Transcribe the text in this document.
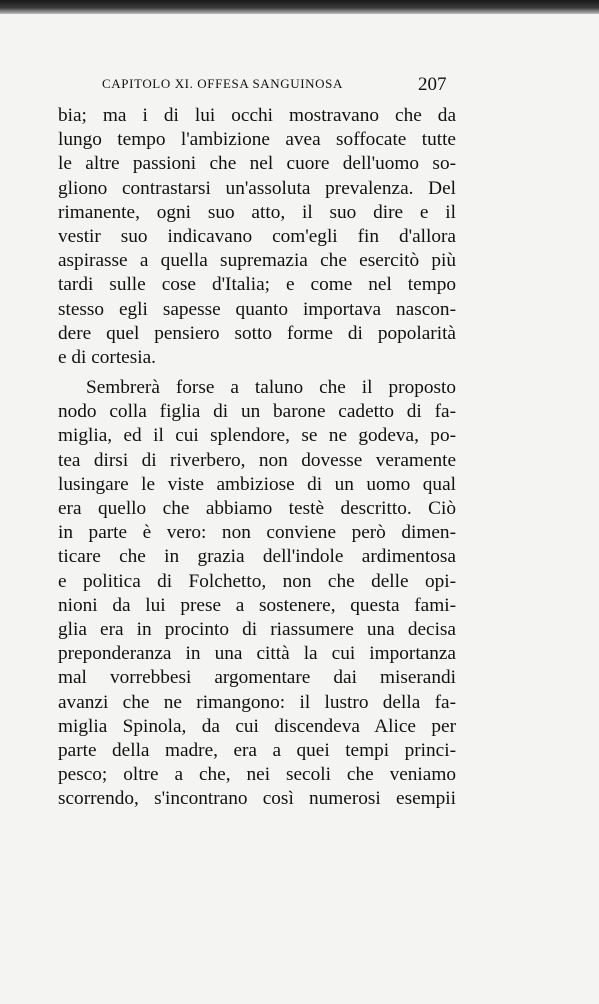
CAPITOLO XI. OFFESA SANGUINOSA	207
bia; ma i di lui occhi mostravano che da
lungo tempo l'ambizione avea soffocate tutte
le altre passioni che nel cuore dell'uomo so-
gliono contrastarsi un'assoluta prevalenza. Del
rimanente, ogni suo atto, il suo dire e il
vestir suo indicavano com'egli fin d'allora
aspirasse a quella supremazia che esercitò più
tardi sulle cose d'Italia; e come nel tempo
stesso egli sapesse quanto importava nascon-
dere quel pensiero sotto forme di popolarità
e di cortesia.
Sembrerà forse a taluno che il proposto
nodo colla figlia di un barone cadetto di fa-
miglia, ed il cui splendore, se ne godeva, po-
tea dirsi di riverbero, non dovesse veramente
lusingare le viste ambiziose di un uomo qual
era quello che abbiamo testè descritto. Ciò
in parte è vero: non conviene però dimen-
ticare che in grazia dell'indole ardimentosa
e politica di Folchetto, non che delle opi-
nioni da lui prese a sostenere, questa fami-
glia era in procinto di riassumere una decisa
preponderanza in una città la cui importanza
mal vorrebbesi argomentare dai miserandi
avanzi che ne rimangono: il lustro della fa-
miglia Spinola, da cui discendeva Alice per
parte della madre, era a quei tempi princi-
pesco; oltre a che, nei secoli che veniamo
scorrendo, s'incontrano così numerosi esempii
